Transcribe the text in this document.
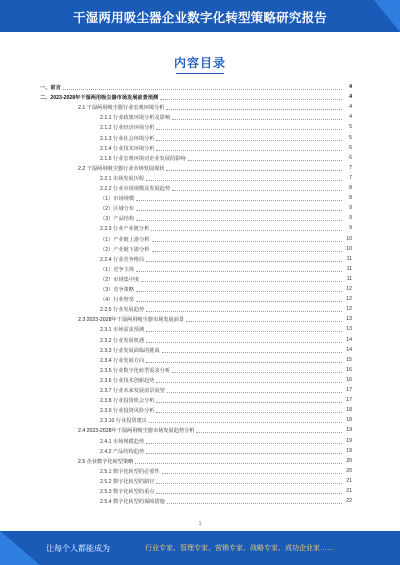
干湿两用吸尘器企业数字化转型策略研究报告
内容目录
一、前言	4
二、2023-2028年干湿两用吸尘器市场发展前景预测	4
2.1 干湿两用吸尘器行业宏观环境分析	4
2.1.1 行业政策环境分析及影响	4
2.1.2 行业经济环境分析	5
2.1.3 行业社会环境分析	5
2.1.4 行业技术环境分析	6
2.1.5 行业宏观环境对企业发展的影响	6
2.2 干湿两用吸尘器行业市场发展现状	7
2.2.1 市场发展历程	7
2.2.2 行业市场规模及发展趋势	8
（1）市场规模	8
（2）区域分布	9
（3）产品结构	9
2.2.3 行业产业链分析	9
（1）产业链上游分析	10
（2）产业链下游分析	10
2.2.4 行业竞争格局	11
（1）竞争主体	11
（2）市场集中度	11
（3）竞争策略	12
（4）行业壁垒	12
2.2.5 行业发展趋势	12
2.3 2023-2028年干湿两用吸尘器市场发展前景	13
2.3.1 市场需求预测	13
2.3.2 行业发展机遇	14
2.3.3 行业发展面临的挑战	14
2.3.4 行业发展方向	15
2.3.5 行业数字化转型需求分析	16
2.3.6 行业技术创新趋势	16
2.3.7 行业未来发展前景展望	17
2.3.8 行业投资机会分析	17
2.3.9 行业投资风险分析	18
2.3.10 行业投资建议	18
2.4 2023-2028年干湿两用吸尘器市场发展趋势分析	19
2.4.1 市场规模趋势	19
2.4.2 产品结构趋势	19
2.5 企业数字化转型策略	20
2.5.1 数字化转型的必要性	20
2.5.2 数字化转型的路径	21
2.5.3 数字化转型的重点	21
2.5.4 数字化转型的保障措施	22
1
让每个人都能成为	行业专家、管理专家、营销专家、战略专家、成功企业家……
